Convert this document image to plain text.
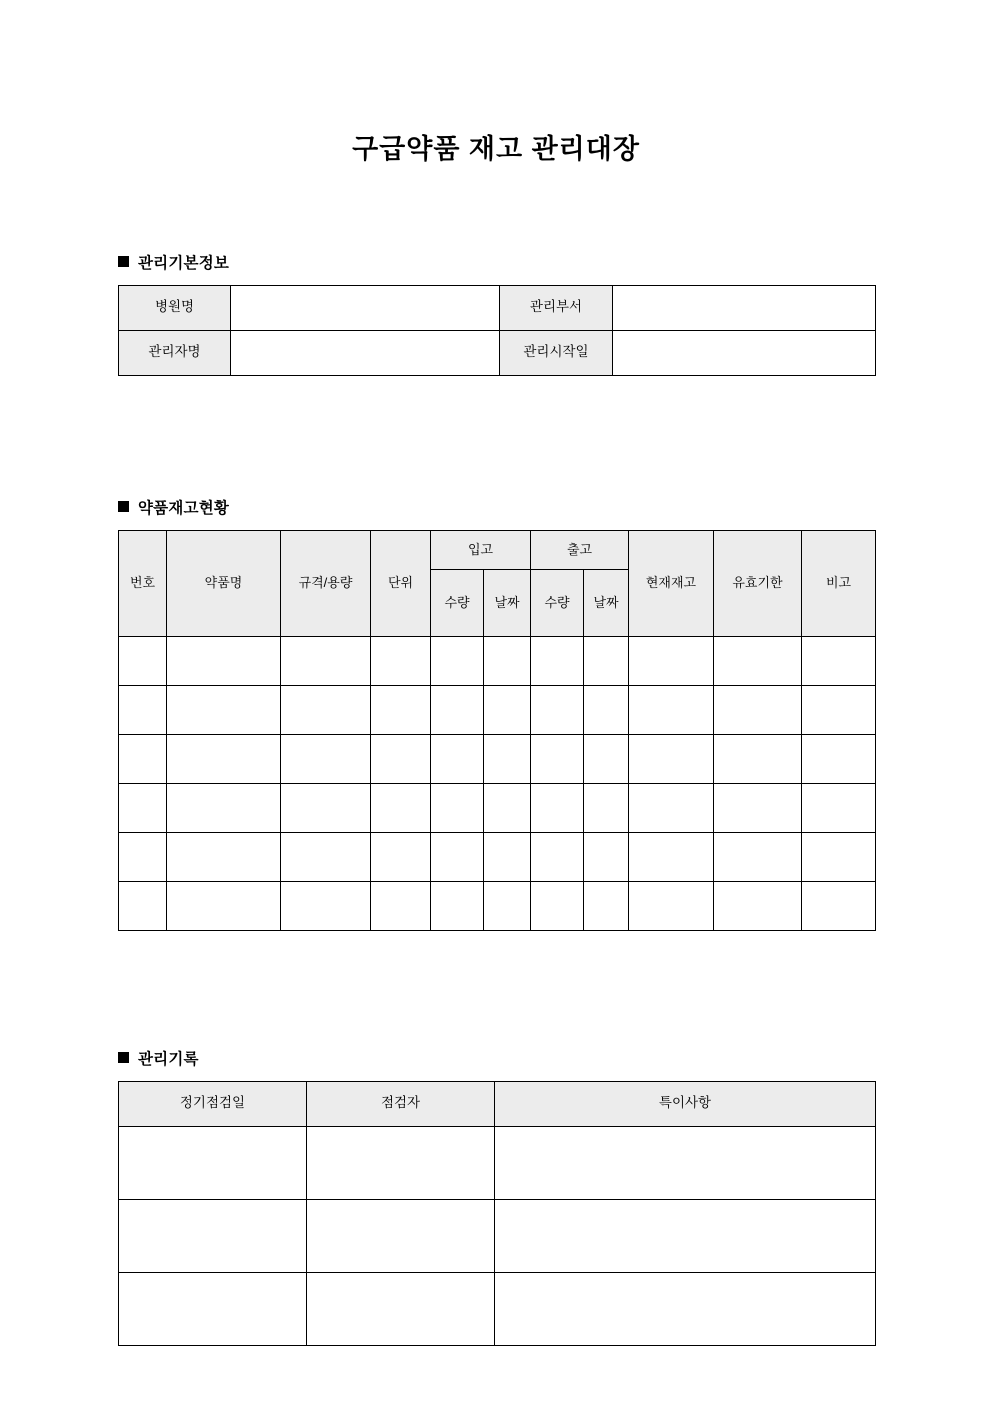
구급약품 재고 관리대장
관리기본정보
병원명		관리부서	
관리자명		관리시작일	
약품재고현황
번호	약품명	규격/용량	단위	입고		출고		현재재고	유효기한	비고
				수량	날짜	수량	날짜			

관리기록
정기점검일	점검자	특이사항
